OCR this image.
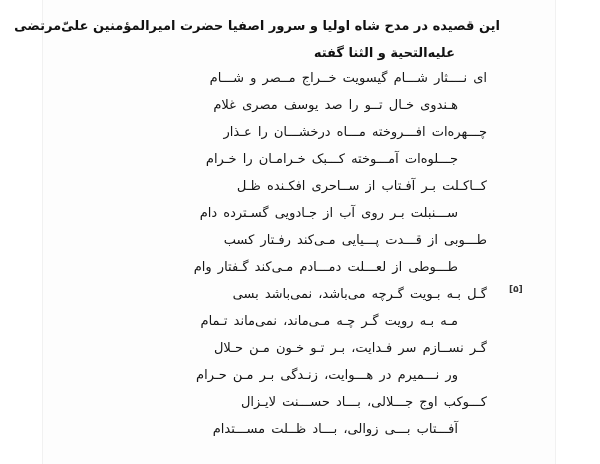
این قصیده در مدح شاه اولیا و سرور اصفیا حضرت امیرالمؤمنین علیّ‌مرتضی
علیه‌التحیة و الثنا گفته
ای نــــثار شـــام گیسویت خــراج مــصر و شـــام
هـندوی خـال تــو را صد یوسف مصری غلام
چـــهره‌ات افـــروخته مـــاه درخشـــان را عـذار
جـــلوه‌ات آمـــوخته کـــبک خـرامـان را خـرام
کــاکـلت بـر آفـتاب از ســاحری افکـنده ظـل
ســـنبلت بـر روی آب از جـادویی گسـترده دام
طـــوبی از قـــدت پـــیایی مـی‌کند رفـتار کسب
طـــوطی از لعـــلت دمـــادم مـی‌کند گـفتار وام
گـل بـه بـویت گـرچه می‌باشد، نمی‌باشد بسی
مـه بـه رویت گـر چـه مـی‌ماند، نمی‌ماند تـمام
گـر نســازم سر فـدایت، بـر تـو خـون مـن حـلال
ور نـــمیرم در هـــوایت، زنـدگی بـر مـن حـرام
کـــوکب اوج جـــلالی، بـــاد حســـنت لایـزال
آفـــتاب بـــی زوالی، بـــاد ظــلت مســـتدام
[۵]
